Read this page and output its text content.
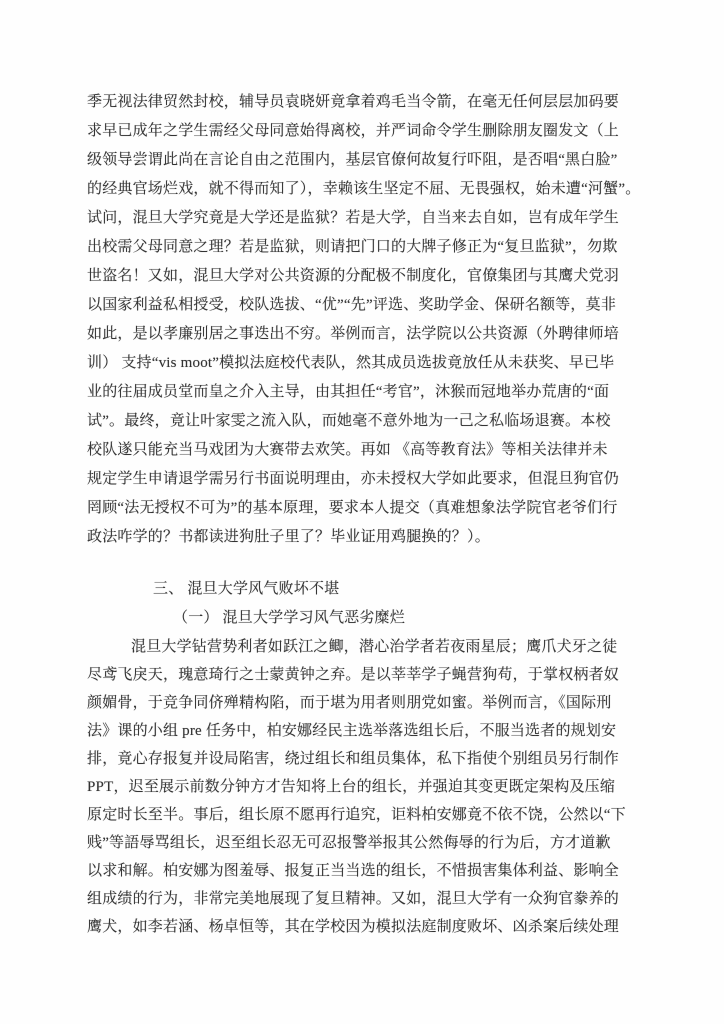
季无视法律贸然封校，辅导员袁晓妍竟拿着鸡毛当令箭，在毫无任何层层加码要
求早已成年之学生需经父母同意始得离校，并严词命令学生删除朋友圈发文（上
级领导尝谓此尚在言论自由之范围内，基层官僚何故复行吓阻，是否唱“黑白脸”
的经典官场烂戏，就不得而知了），幸赖该生坚定不屈、无畏强权，始未遭“河蟹”。
试问，混旦大学究竟是大学还是监狱？若是大学，自当来去自如，岂有成年学生
出校需父母同意之理？若是监狱，则请把门口的大牌子修正为“复旦监狱”，勿欺
世盗名！又如，混旦大学对公共资源的分配极不制度化，官僚集团与其鹰犬党羽
以国家利益私相授受，校队选拔、“优”“先”评选、奖助学金、保研名额等，莫非
如此，是以孝廉别居之事迭出不穷。举例而言，法学院以公共资源（外聘律师培
训） 支持“vis moot”模拟法庭校代表队，然其成员选拔竟放任从未获奖、早已毕
业的往届成员堂而皇之介入主导，由其担任“考官”，沐猴而冠地举办荒唐的“面
试”。最终，竟让叶家雯之流入队，而她毫不意外地为一己之私临场退赛。本校
校队遂只能充当马戏团为大赛带去欢笑。再如 《高等教育法》等相关法律并未
规定学生申请退学需另行书面说明理由，亦未授权大学如此要求，但混旦狗官仍
罔顾“法无授权不可为”的基本原理，要求本人提交（真难想象法学院官老爷们行
政法咋学的？书都读进狗肚子里了？毕业证用鸡腿换的？）。
三、 混旦大学风气败坏不堪
（一） 混旦大学学习风气恶劣糜烂
混旦大学钻营势利者如跃江之鲫，潜心治学者若夜雨星辰；鹰爪犬牙之徒
尽鸢飞戾天，瑰意琦行之士蒙黄钟之弃。是以莘莘学子蝇营狗苟，于掌权柄者奴
颜媚骨，于竞争同侪殚精构陷，而于堪为用者则朋党如蜜。举例而言，《国际刑
法》课的小组 pre 任务中，柏安娜经民主选举落选组长后，不服当选者的规划安
排，竟心存报复并设局陷害，绕过组长和组员集体，私下指使个别组员另行制作
PPT，迟至展示前数分钟方才告知将上台的组长，并强迫其变更既定架构及压缩
原定时长至半。事后，组长原不愿再行追究，讵料柏安娜竟不依不饶，公然以“下
贱”等語辱骂组长，迟至组长忍无可忍报警举报其公然侮辱的行为后，方才道歉
以求和解。柏安娜为图羞辱、报复正当当选的组长，不惜损害集体利益、影响全
组成绩的行为，非常完美地展现了复旦精神。又如，混旦大学有一众狗官豢养的
鹰犬，如李若涵、杨卓恒等，其在学校因为模拟法庭制度败坏、凶杀案后续处理
